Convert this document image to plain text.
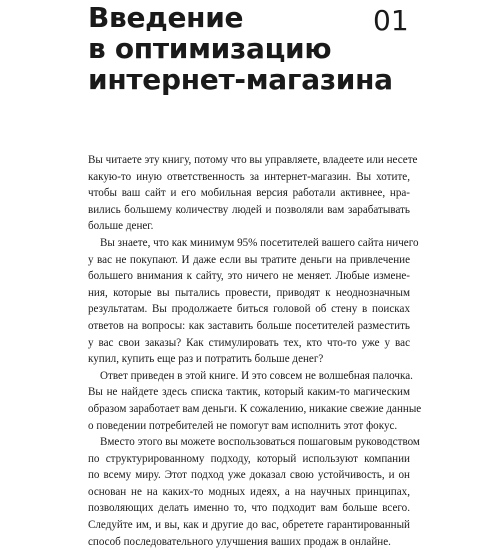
Введение
в оптимизацию
интернет-магазина
01

Вы читаете эту книгу, потому что вы управляете, владеете или несете
какую-то иную ответственность за интернет-магазин. Вы хотите,
чтобы ваш сайт и его мобильная версия работали активнее, нра-
вились большему количеству людей и позволяли вам зарабатывать
больше денег.

Вы знаете, что как минимум 95% посетителей вашего сайта ничего
у вас не покупают. И даже если вы тратите деньги на привлечение
большего внимания к сайту, это ничего не меняет. Любые измене-
ния, которые вы пытались провести, приводят к неоднозначным
результатам. Вы продолжаете биться головой об стену в поисках
ответов на вопросы: как заставить больше посетителей разместить
у вас свои заказы? Как стимулировать тех, кто что-то уже у вас
купил, купить еще раз и потратить больше денег?

Ответ приведен в этой книге. И это совсем не волшебная палочка.
Вы не найдете здесь списка тактик, который каким-то магическим
образом заработает вам деньги. К сожалению, никакие свежие данные
о поведении потребителей не помогут вам исполнить этот фокус.

Вместо этого вы можете воспользоваться пошаговым руководством
по структурированному подходу, который используют компании
по всему миру. Этот подход уже доказал свою устойчивость, и он
основан не на каких-то модных идеях, а на научных принципах,
позволяющих делать именно то, что подходит вам больше всего.
Следуйте им, и вы, как и другие до вас, обретете гарантированный
способ последовательного улучшения ваших продаж в онлайне.
